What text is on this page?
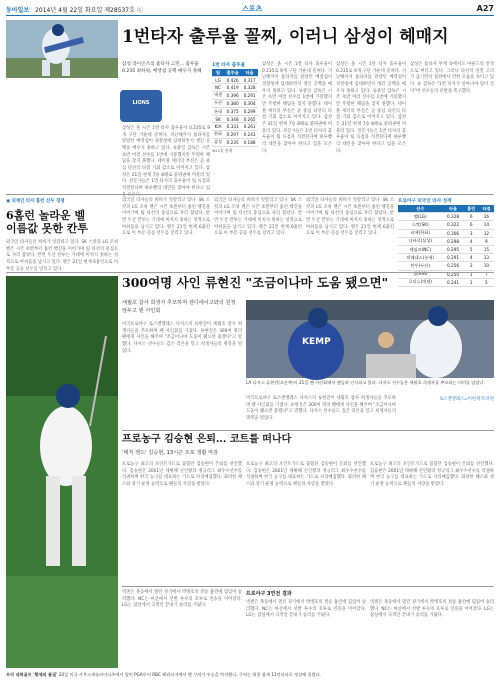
동아일보 2014년 4월 22일 화요일 제28537호 ⓒ	스포츠	A27
1번타자 출루율 꼴찌, 이러니 삼성이 헤매지
삼성 라이온즈의 톱타자 고민... 출루율 0.235 최하위, 배영섭 공백 메우지 못해
LIONS
1번 타자 출루율
팀	출루율	타율
LG	0.426	0.317
NC	0.419	0.328
넥센	0.396	0.291
두산	0.380	0.304
롯데	0.375	0.299
SK	0.348	0.265
KIA	0.331	0.261
한화	0.297	0.243
삼성	0.235	0.188
※21일 현재
삼성은 올 시즌 1번 타자 출루율이 0.235로 9개 구단 가운데 꼴찌다. 지난해까지 톱타자를 맡았던 배영섭이 경찰청에 입대하면서 생긴 공백을 메우지 못하고 있다. 류중일 감독은 시즌 초반 여러 선수를 1번에 기용했지만 뚜렷한 해답을 찾지 못했다. 테이블 세터의 부진은 곧 중심 타선의 타점 기회 감소로 이어지고 있다. 삼성은 21일 현재 7승 8패로 중위권에 머물러 있다. 전문가들은 1번 타자의 출루율이 팀 득점과 직결된다며 하루빨리 대안을 찾아야 한다고 입을 모은다.
삼성은 올 시즌 1번 타자 출루율이 0.235로 9개 구단 가운데 꼴찌다. 지난해까지 톱타자를 맡았던 배영섭이 경찰청에 입대하면서 생긴 공백을 메우지 못하고 있다. 류중일 감독은 시즌 초반 여러 선수를 1번에 기용했지만 뚜렷한 해답을 찾지 못했다. 테이블 세터의 부진은 곧 중심 타선의 타점 기회 감소로 이어지고 있다. 삼성은 21일 현재 7승 8패로 중위권에 머물러 있다. 전문가들은 1번 타자의 출루율이 팀 득점과 직결된다며 하루빨리 대안을 찾아야 한다고 입을 모은다.
삼성은 올 시즌 1번 타자 출루율이 0.235로 9개 구단 가운데 꼴찌다. 지난해까지 톱타자를 맡았던 배영섭이 경찰청에 입대하면서 생긴 공백을 메우지 못하고 있다. 류중일 감독은 시즌 초반 여러 선수를 1번에 기용했지만 뚜렷한 해답을 찾지 못했다. 테이블 세터의 부진은 곧 중심 타선의 타점 기회 감소로 이어지고 있다. 삼성은 21일 현재 7승 8패로 중위권에 머물러 있다. 전문가들은 1번 타자의 출루율이 팀 득점과 직결된다며 하루빨리 대안을 찾아야 한다고 입을 모은다.
삼성은 톱타자 부재 속에서도 마운드의 안정으로 버티고 있다. 그러나 타선의 연결 고리가 끊기면서 접전에서 약한 모습을 보이고 있다. 류 감독은 "1번 타자가 살아나야 팀이 산다"며 선수들의 분발을 촉구했다.
▣ 외계인 타자 홈런 선두 경쟁
6홈런 놀라운 벨
이름값 못한 칸투
외국인 타자들의 희비가 엇갈리고 있다. SK 스캇과 LG 조쉬 벨은 시즌 초반부터 홈런 행진을 이어가며 팀 타선의 중심으로 자리 잡았다. 반면 두산 칸투는 기대에 미치지 못하는 성적으로 아쉬움을 남기고 있다. 벨은 21일 현재 6홈런으로 이 부문 공동 선두를 달리고 있다.
외국인 타자들의 희비가 엇갈리고 있다. SK 스캇과 LG 조쉬 벨은 시즌 초반부터 홈런 행진을 이어가며 팀 타선의 중심으로 자리 잡았다. 반면 두산 칸투는 기대에 미치지 못하는 성적으로 아쉬움을 남기고 있다. 벨은 21일 현재 6홈런으로 이 부문 공동 선두를 달리고 있다.
외국인 타자들의 희비가 엇갈리고 있다. SK 스캇과 LG 조쉬 벨은 시즌 초반부터 홈런 행진을 이어가며 팀 타선의 중심으로 자리 잡았다. 반면 두산 칸투는 기대에 미치지 못하는 성적으로 아쉬움을 남기고 있다. 벨은 21일 현재 6홈런으로 이 부문 공동 선두를 달리고 있다.
외국인 타자들의 희비가 엇갈리고 있다. SK 스캇과 LG 조쉬 벨은 시즌 초반부터 홈런 행진을 이어가며 팀 타선의 중심으로 자리 잡았다. 반면 두산 칸투는 기대에 미치지 못하는 성적으로 아쉬움을 남기고 있다. 벨은 21일 현재 6홈런으로 이 부문 공동 선두를 달리고 있다.
프로야구 외국인 타자 성적
선수	타율	홈런	타점
벨(LG)	0.328	6	16
스캇(SK)	0.322	6	14
피에(한화)	0.306	3	12
나바로(삼성)	0.298	4	9
테임즈(NC)	0.295	5	15
히메네스(롯데)	0.291	4	13
칸투(두산)	0.256	3	10
필(KIA)	0.250	1	7
로티노(넥센)	0.241	1	5
300여명 사인 류현진 "조금이나마 도움 됐으면"
세월호 참사 희생자 추모하며 샌디에이고와의 원정 앞두고 팬 사인회
미국프로야구 로스앤젤레스 다저스의 류현진이 세월호 참사 희생자들을 추모하며 팬 사인회를 가졌다. 류현진은 300여 명의 팬에게 사인을 해주며 "조금이나마 도움이 됐으면 좋겠다"고 말했다. 다저스 선수들도 검은 리본을 달고 희생자들의 명복을 빌었다.
KEMP
LA 다저스 류현진(오른쪽)이 21일 팬 사인회에서 팬들과 인사하고 있다. 다저스 선수들은 세월호 희생자를 추모하는 의미를 담았다.
로스앤젤레스=이헌재 특파원
미국프로야구 로스앤젤레스 다저스의 류현진이 세월호 참사 희생자들을 추모하며 팬 사인회를 가졌다. 류현진은 300여 명의 팬에게 사인을 해주며 "조금이나마 도움이 됐으면 좋겠다"고 말했다. 다저스 선수들도 검은 리본을 달고 희생자들의 명복을 빌었다.
프로농구 김승현 은퇴... 코트를 떠나다
'매직 핸드' 김승현, 13시즌 프로 생활 마감
프로농구 최고의 포인트가드로 꼽혔던 김승현이 은퇴를 선언했다. 김승현은 2001년 데뷔해 신인왕과 정규리그 최우수선수를 석권하며 한국 농구를 대표하는 가드로 자리매김했다. 화려한 패스와 경기 운영 능력으로 팬들의 사랑을 받았다.
프로농구 최고의 포인트가드로 꼽혔던 김승현이 은퇴를 선언했다. 김승현은 2001년 데뷔해 신인왕과 정규리그 최우수선수를 석권하며 한국 농구를 대표하는 가드로 자리매김했다. 화려한 패스와 경기 운영 능력으로 팬들의 사랑을 받았다.
프로농구 최고의 포인트가드로 꼽혔던 김승현이 은퇴를 선언했다. 김승현은 2001년 데뷔해 신인왕과 정규리그 최우수선수를 석권하며 한국 농구를 대표하는 가드로 자리매김했다. 화려한 패스와 경기 운영 능력으로 팬들의 사랑을 받았다.
프로야구 3연전 결과
넥센은 목동에서 열린 경기에서 박병호의 결승 홈런에 힘입어 승리했다. NC는 마산에서 선발 투수의 호투로 연승을 이어갔다. LG는 잠실에서 극적인 끝내기 승리를 거뒀다.
넥센은 목동에서 열린 경기에서 박병호의 결승 홈런에 힘입어 승리했다. NC는 마산에서 선발 투수의 호투로 연승을 이어갔다. LG는 잠실에서 극적인 끝내기 승리를 거뒀다.
넥센은 목동에서 열린 경기에서 박병호의 결승 홈런에 힘입어 승리했다. NC는 마산에서 선발 투수의 호투로 연승을 이어갔다. LG는 잠실에서 극적인 끝내기 승리를 거뒀다.
우리 대학골프 '황제의 품질' 20일 미국 사우스캐롤라이나주에서 열린 PGA투어 RBC 헤리티지에서 맷 쿠처가 우승을 차지했다. 쿠처는 최종 합계 11언더파로 정상에 올랐다.
